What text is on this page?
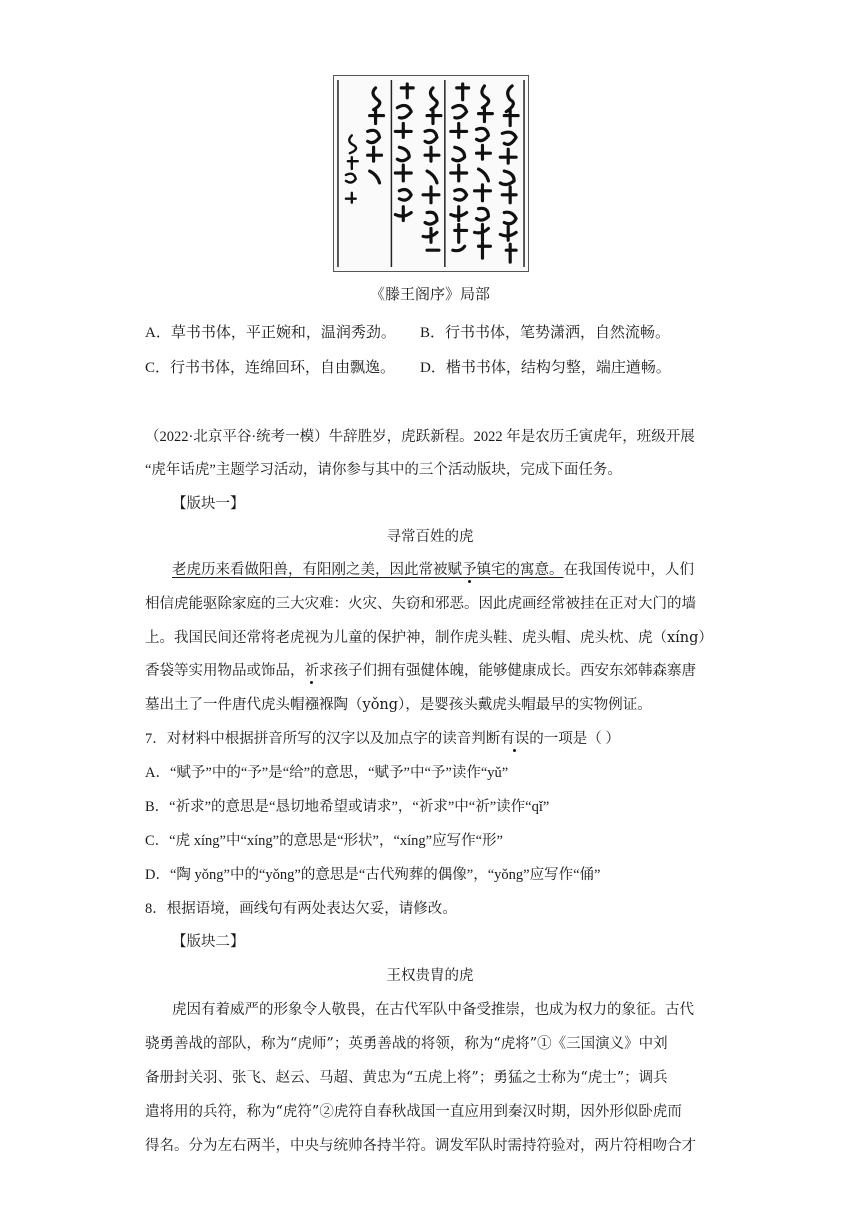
《滕王阁序》局部
A．草书书体，平正婉和，温润秀劲。 B．行书书体，笔势潇洒，自然流畅。
C．行书书体，连绵回环，自由飘逸。 D．楷书书体，结构匀整，端庄遒畅。
（2022·北京平谷·统考一模）牛辞胜岁，虎跃新程。2022 年是农历壬寅虎年，班级开展
“虎年话虎”主题学习活动，请你参与其中的三个活动版块，完成下面任务。
【版块一】
寻常百姓的虎
老虎历来看做阳兽，有阳刚之美，因此常被赋予镇宅的寓意。在我国传说中，人们
相信虎能驱除家庭的三大灾难：火灾、失窃和邪恶。因此虎画经常被挂在正对大门的墙
上。我国民间还常将老虎视为儿童的保护神，制作虎头鞋、虎头帽、虎头枕、虎（xíng）
香袋等实用物品或饰品，祈求孩子们拥有强健体魄，能够健康成长。西安东郊韩森寨唐
墓出土了一件唐代虎头帽襁褓陶（yǒng），是婴孩头戴虎头帽最早的实物例证。
7．对材料中根据拼音所写的汉字以及加点字的读音判断有误的一项是（ ）
A．“赋予”中的“予”是“给”的意思，“赋予”中“予”读作“yǔ”
B．“祈求”的意思是“恳切地希望或请求”，“祈求”中“祈”读作“qǐ”
C．“虎 xíng”中“xíng”的意思是“形状”，“xíng”应写作“形”
D．“陶 yǒng”中的“yǒng”的意思是“古代殉葬的偶像”，“yǒng”应写作“俑”
8．根据语境，画线句有两处表达欠妥，请修改。
【版块二】
王权贵胄的虎
虎因有着威严的形象令人敬畏，在古代军队中备受推崇，也成为权力的象征。古代
骁勇善战的部队，称为“虎师”；英勇善战的将领，称为“虎将”①《三国演义》中刘
备册封关羽、张飞、赵云、马超、黄忠为“五虎上将”；勇猛之士称为“虎士”；调兵
遣将用的兵符，称为“虎符”②虎符自春秋战国一直应用到秦汉时期，因外形似卧虎而
得名。分为左右两半，中央与统帅各持半符。调发军队时需持符验对，两片符相吻合才
